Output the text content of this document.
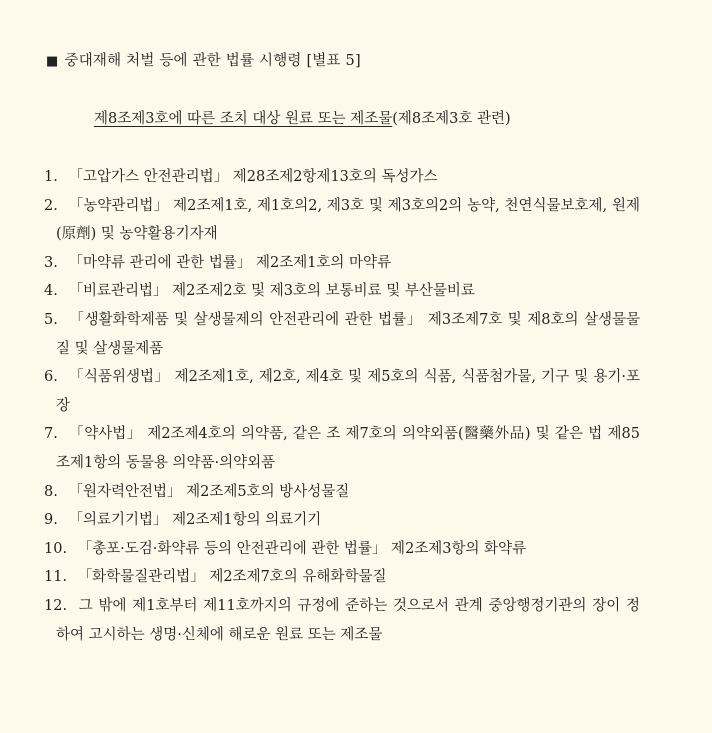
■ 중대재해 처벌 등에 관한 법률 시행령 [별표 5]
제8조제3호에 따른 조치 대상 원료 또는 제조물(제8조제3호 관련)
1. 「고압가스 안전관리법」 제28조제2항제13호의 독성가스
2. 「농약관리법」 제2조제1호, 제1호의2, 제3호 및 제3호의2의 농약, 천연식물보호제, 원제(原劑) 및 농약활용기자재
3. 「마약류 관리에 관한 법률」 제2조제1호의 마약류
4. 「비료관리법」 제2조제2호 및 제3호의 보통비료 및 부산물비료
5. 「생활화학제품 및 살생물제의 안전관리에 관한 법률」 제3조제7호 및 제8호의 살생물물질 및 살생물제품
6. 「식품위생법」 제2조제1호, 제2호, 제4호 및 제5호의 식품, 식품첨가물, 기구 및 용기·포장
7. 「약사법」 제2조제4호의 의약품, 같은 조 제7호의 의약외품(醫藥外品) 및 같은 법 제85조제1항의 동물용 의약품·의약외품
8. 「원자력안전법」 제2조제5호의 방사성물질
9. 「의료기기법」 제2조제1항의 의료기기
10. 「총포·도검·화약류 등의 안전관리에 관한 법률」 제2조제3항의 화약류
11. 「화학물질관리법」 제2조제7호의 유해화학물질
12. 그 밖에 제1호부터 제11호까지의 규정에 준하는 것으로서 관계 중앙행정기관의 장이 정하여 고시하는 생명·신체에 해로운 원료 또는 제조물
